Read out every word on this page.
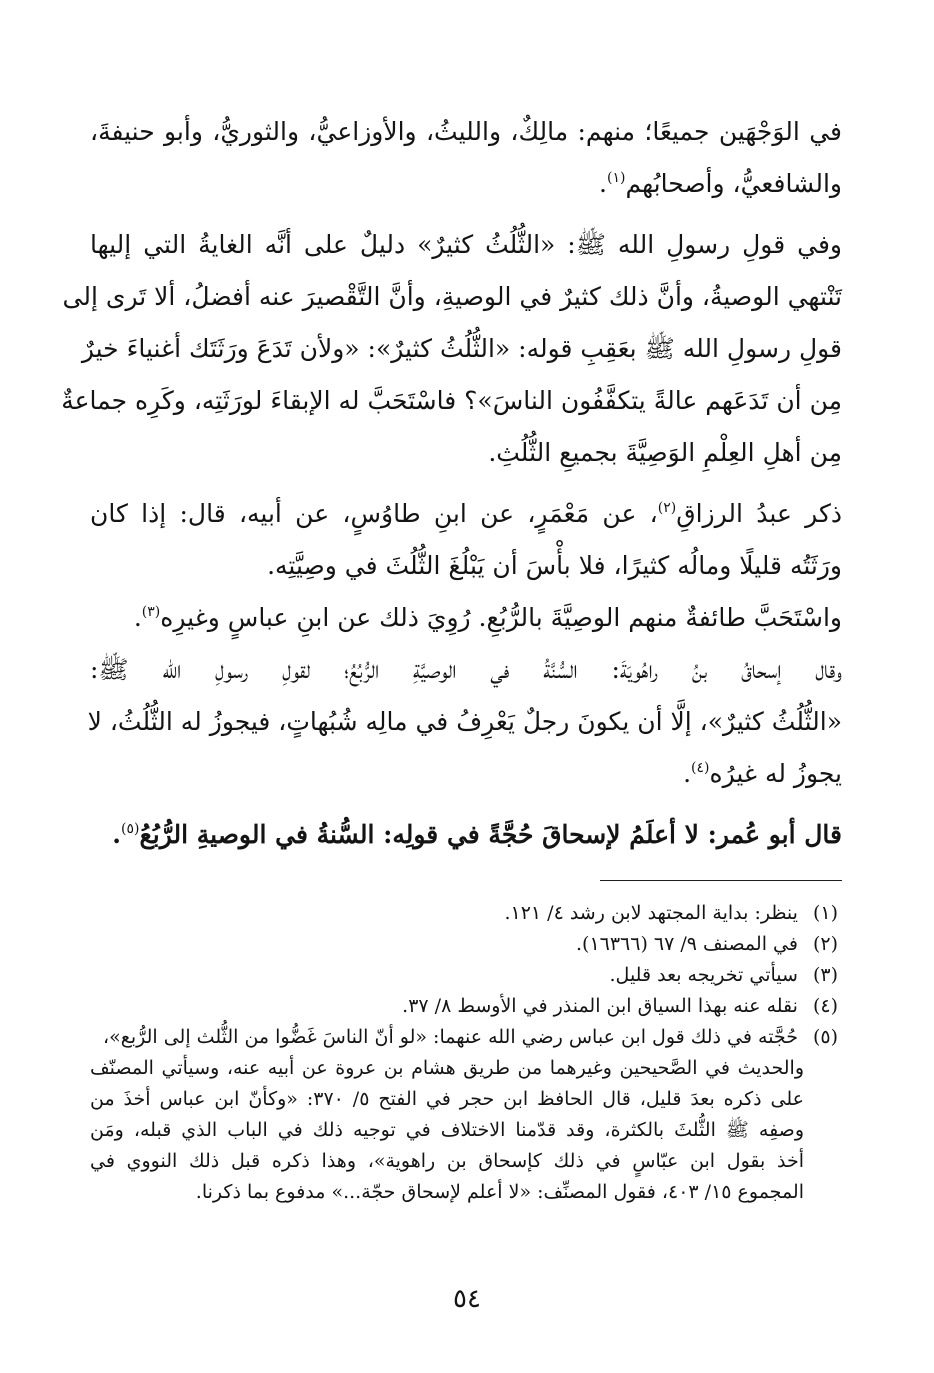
في الوَجْهَين جميعًا؛ منهم: مالِكٌ، والليثُ، والأوزاعيُّ، والثوريُّ، وأبو حنيفةَ،
والشافعيُّ، وأصحابُهم$^{(١)}$.
وفي قولِ رسولِ الله ﷺ: «الثُّلُثُ كثيرٌ» دليلٌ على أنَّه الغايةُ التي إليها
تَنْتهي الوصيةُ، وأنَّ ذلك كثيرٌ في الوصيةِ، وأنَّ التَّقْصيرَ عنه أفضلُ، ألا تَرى إلى
قولِ رسولِ الله ﷺ بعَقِبِ قوله: «الثُّلُثُ كثيرٌ»: «ولأن تَدَعَ ورَثَتَك أغنياءَ خيرٌ
مِن أن تَدَعَهم عالةً يتكفَّفُون الناسَ»؟ فاسْتَحَبَّ له الإبقاءَ لورَثَتِه، وكَرِه جماعةٌ
مِن أهلِ العِلْمِ الوَصِيَّةَ بجميعِ الثُّلُثِ.
ذكر عبدُ الرزاقِ$^{(٢)}$، عن مَعْمَرٍ، عن ابنِ طاوُسٍ، عن أبيه، قال: إذا كان
ورَثَتُه قليلًا ومالُه كثيرًا، فلا بأْسَ أن يَبْلُغَ الثُّلُثَ في وصِيَّتِه.
واسْتَحَبَّ طائفةٌ منهم الوصِيَّةَ بالرُّبُعِ. رُوِيَ ذلك عن ابنِ عباسٍ وغيرِه$^{(٣)}$.
وقال إسحاقُ بنُ راهُويَةَ: السُّنَّةُ في الوصيَّةِ الرُّبُعُ؛ لقولِ رسولِ الله ﷺ:
«الثُّلُثُ كثيرٌ»، إلَّا أن يكونَ رجلٌ يَعْرِفُ في مالِه شُبُهاتٍ، فيجوزُ له الثُّلُثُ، لا
يجوزُ له غيرُه$^{(٤)}$.
قال أبو عُمر: لا أعلَمُ لإسحاقَ حُجَّةً في قولِه: السُّنةُ في الوصيةِ الرُّبُعُ$^{(٥)}$.
(١) ينظر: بداية المجتهد لابن رشد ٤/ ١٢١.
(٢) في المصنف ٩/ ٦٧ (١٦٣٦٦).
(٣) سيأتي تخريجه بعد قليل.
(٤) نقله عنه بهذا السياق ابن المنذر في الأوسط ٨/ ٣٧.
(٥) حُجَّته في ذلك قول ابن عباس رضي الله عنهما: «لو أنّ الناسَ غَضُّوا من الثُّلث إلى الرُّبع»،
والحديث في الصَّحيحين وغيرهما من طريق هشام بن عروة عن أبيه عنه، وسيأتي المصنّف
على ذكره بعدَ قليل، قال الحافظ ابن حجر في الفتح ٥/ ٣٧٠: «وكأنّ ابن عباس أخذَ من
وصفِه ﷺ الثُّلثَ بالكثرة، وقد قدّمنا الاختلاف في توجيه ذلك في الباب الذي قبله، ومَن
أخذ بقول ابن عبّاسٍ في ذلك كإسحاق بن راهوية»، وهذا ذكره قبل ذلك النووي في
المجموع ١٥/ ٤٠٣، فقول المصنِّف: «لا أعلم لإسحاق حجّة...» مدفوع بما ذكرنا.
٥٤
